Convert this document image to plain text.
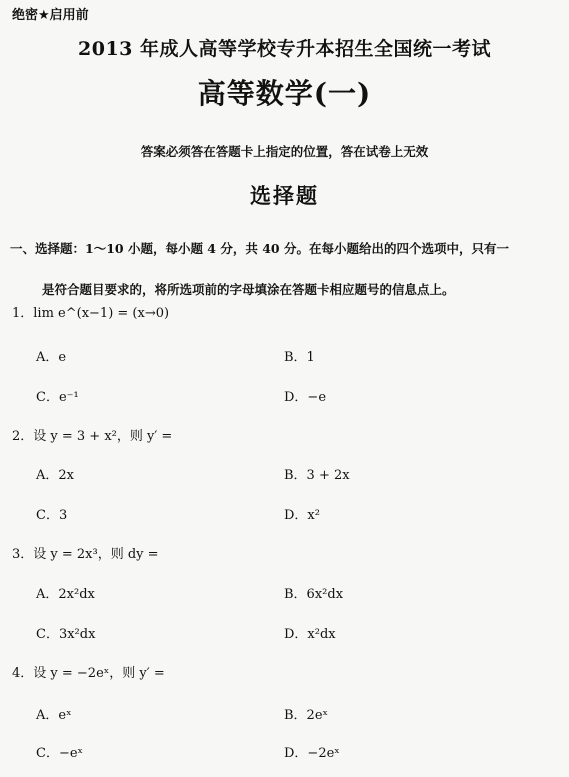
绝密★启用前
2013 年成人高等学校专升本招生全国统一考试
高等数学(一)
答案必须答在答题卡上指定的位置，答在试卷上无效
选择题
一、选择题：1～10 小题，每小题 4 分，共 40 分。在每小题给出的四个选项中，只有一
是符合题目要求的，将所选项前的字母填涂在答题卡相应题号的信息点上。
1．lim e^(x−1) = (x→0)
A．e	B．1
C．e⁻¹	D．−e
2．设 y = 3 + x²，则 y′ =
A．2x	B．3 + 2x
C．3	D．x²
3．设 y = 2x³，则 dy =
A．2x²dx	B．6x²dx
C．3x²dx	D．x²dx
4．设 y = −2eˣ，则 y′ =
A．eˣ	B．2eˣ
C．−eˣ	D．−2eˣ
